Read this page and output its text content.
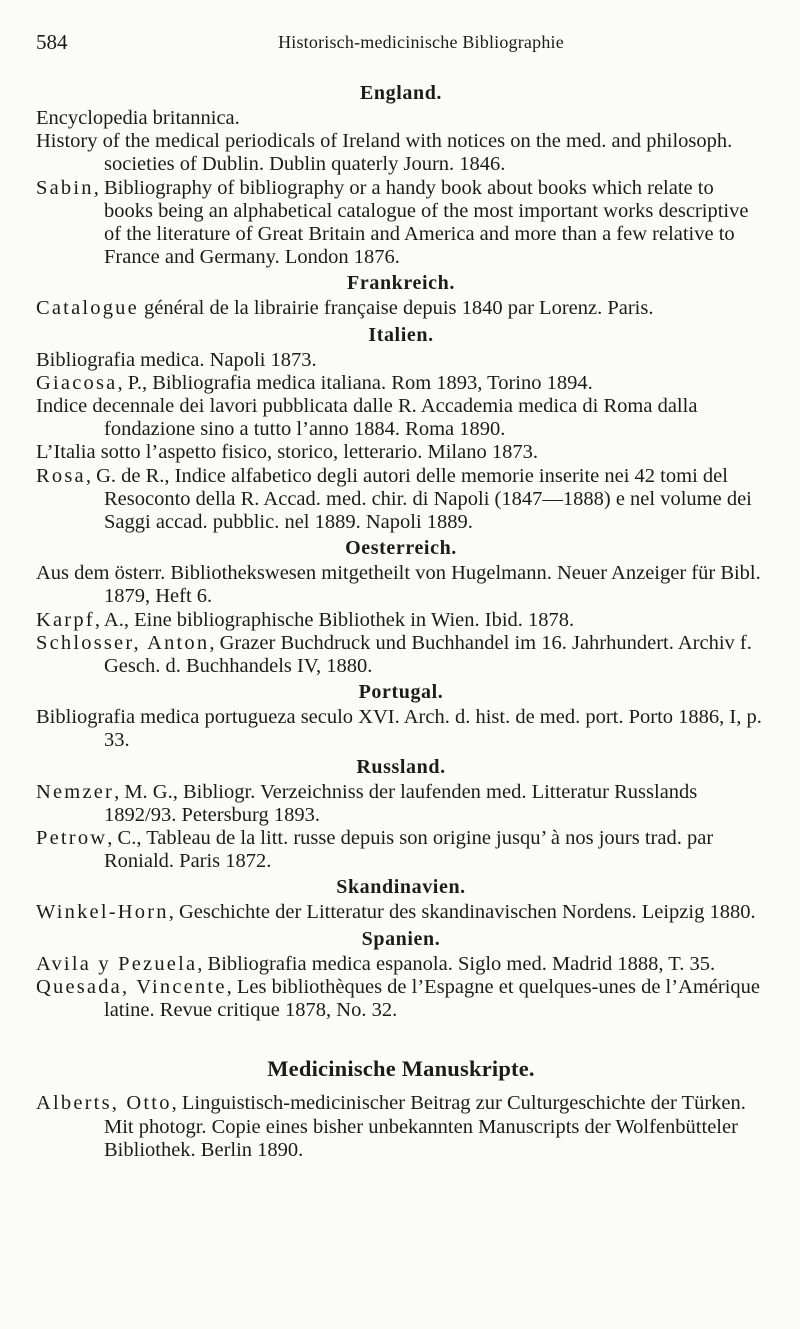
584	Historisch-medicinische Bibliographie
England.
Encyclopedia britannica.
History of the medical periodicals of Ireland with notices on the med. and philosoph. societies of Dublin. Dublin quaterly Journ. 1846.
Sabin, Bibliography of bibliography or a handy book about books which relate to books being an alphabetical catalogue of the most important works descriptive of the literature of Great Britain and America and more than a few relative to France and Germany. London 1876.
Frankreich.
Catalogue général de la librairie française depuis 1840 par Lorenz. Paris.
Italien.
Bibliografia medica. Napoli 1873.
Giacosa, P., Bibliografia medica italiana. Rom 1893, Torino 1894.
Indice decennale dei lavori pubblicata dalle R. Accademia medica di Roma dalla fondazione sino a tutto l’anno 1884. Roma 1890.
L’Italia sotto l’aspetto fisico, storico, letterario. Milano 1873.
Rosa, G. de R., Indice alfabetico degli autori delle memorie inserite nei 42 tomi del Resoconto della R. Accad. med. chir. di Napoli (1847—1888) e nel volume dei Saggi accad. pubblic. nel 1889. Napoli 1889.
Oesterreich.
Aus dem österr. Bibliothekswesen mitgetheilt von Hugelmann. Neuer Anzeiger für Bibl. 1879, Heft 6.
Karpf, A., Eine bibliographische Bibliothek in Wien. Ibid. 1878.
Schlosser, Anton, Grazer Buchdruck und Buchhandel im 16. Jahrhundert. Archiv f. Gesch. d. Buchhandels IV, 1880.
Portugal.
Bibliografia medica portugueza seculo XVI. Arch. d. hist. de med. port. Porto 1886, I, p. 33.
Russland.
Nemzer, M. G., Bibliogr. Verzeichniss der laufenden med. Litteratur Russlands 1892/93. Petersburg 1893.
Petrow, C., Tableau de la litt. russe depuis son origine jusqu’ à nos jours trad. par Roniald. Paris 1872.
Skandinavien.
Winkel-Horn, Geschichte der Litteratur des skandinavischen Nordens. Leipzig 1880.
Spanien.
Avila y Pezuela, Bibliografia medica espanola. Siglo med. Madrid 1888, T. 35.
Quesada, Vincente, Les bibliothèques de l’Espagne et quelques-unes de l’Amérique latine. Revue critique 1878, No. 32.
Medicinische Manuskripte.
Alberts, Otto, Linguistisch-medicinischer Beitrag zur Culturgeschichte der Türken. Mit photogr. Copie eines bisher unbekannten Manuscripts der Wolfenbütteler Bibliothek. Berlin 1890.
